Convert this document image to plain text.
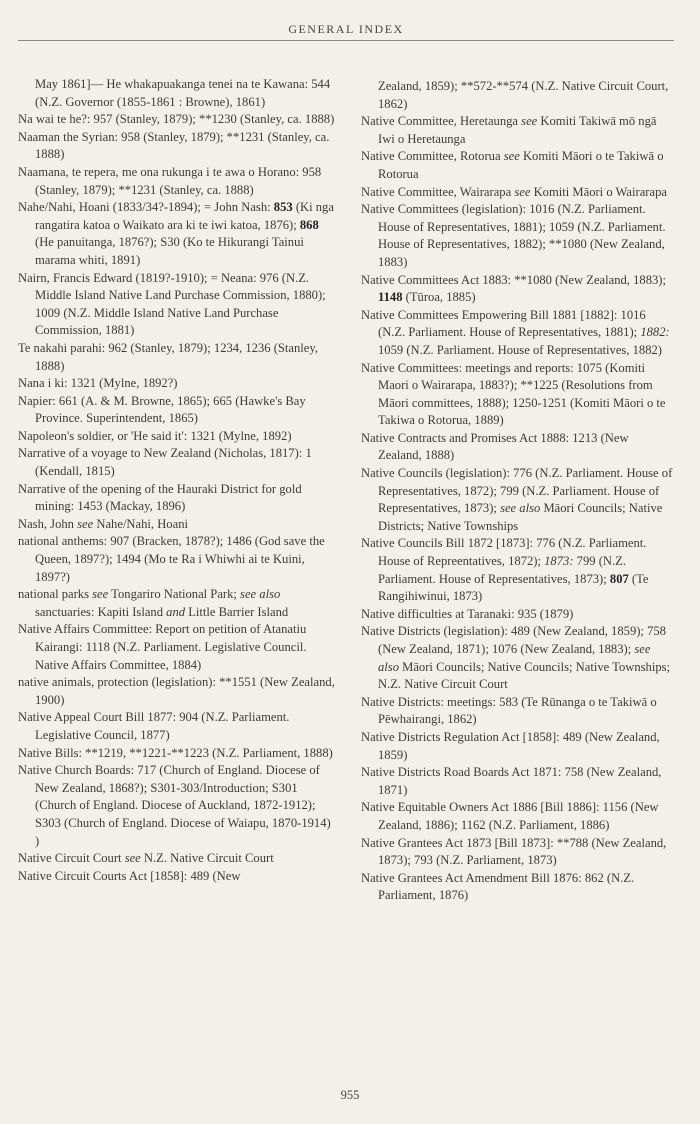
GENERAL INDEX

May 1861]— He whakapuakanga tenei na te Kawana: 544 (N.Z. Governor (1855-1861 : Browne), 1861)

Na wai te he?: 957 (Stanley, 1879); **1230 (Stanley, ca. 1888)

Naaman the Syrian: 958 (Stanley, 1879); **1231 (Stanley, ca. 1888)

Naamana, te repera, me ona rukunga i te awa o Horano: 958 (Stanley, 1879); **1231 (Stanley, ca. 1888)

Nahe/Nahi, Hoani (1833/34?-1894); = John Nash: 853 (Ki nga rangatira katoa o Waikato ara ki te iwi katoa, 1876); 868 (He panuitanga, 1876?); S30 (Ko te Hikurangi Tainui marama whiti, 1891)

Nairn, Francis Edward (1819?-1910); = Neana: 976 (N.Z. Middle Island Native Land Purchase Commission, 1880); 1009 (N.Z. Middle Island Native Land Purchase Commission, 1881)

Te nakahi parahi: 962 (Stanley, 1879); 1234, 1236 (Stanley, 1888)

Nana i ki: 1321 (Mylne, 1892?)

Napier: 661 (A. & M. Browne, 1865); 665 (Hawke's Bay Province. Superintendent, 1865)

Napoleon's soldier, or 'He said it': 1321 (Mylne, 1892)

Narrative of a voyage to New Zealand (Nicholas, 1817): 1 (Kendall, 1815)

Narrative of the opening of the Hauraki District for gold mining: 1453 (Mackay, 1896)

Nash, John see Nahe/Nahi, Hoani

national anthems: 907 (Bracken, 1878?); 1486 (God save the Queen, 1897?); 1494 (Mo te Ra i Whiwhi ai te Kuini, 1897?)

national parks see Tongariro National Park; see also sanctuaries: Kapiti Island and Little Barrier Island

Native Affairs Committee: Report on petition of Atanatiu Kairangi: 1118 (N.Z. Parliament. Legislative Council. Native Affairs Committee, 1884)

native animals, protection (legislation): **1551 (New Zealand, 1900)

Native Appeal Court Bill 1877: 904 (N.Z. Parliament. Legislative Council, 1877)

Native Bills: **1219, **1221-**1223 (N.Z. Parliament, 1888)

Native Church Boards: 717 (Church of England. Diocese of New Zealand, 1868?); S301-303/Introduction; S301 (Church of England. Diocese of Auckland, 1872-1912); S303 (Church of England. Diocese of Waiapu, 1870-1914) )

Native Circuit Court see N.Z. Native Circuit Court

Native Circuit Courts Act [1858]: 489 (New

Zealand, 1859); **572-**574 (N.Z. Native Circuit Court, 1862)

Native Committee, Heretaunga see Komiti Takiwā mō ngā Iwi o Heretaunga

Native Committee, Rotorua see Komiti Māori o te Takiwā o Rotorua

Native Committee, Wairarapa see Komiti Māori o Wairarapa

Native Committees (legislation): 1016 (N.Z. Parliament. House of Representatives, 1881); 1059 (N.Z. Parliament. House of Representatives, 1882); **1080 (New Zealand, 1883)

Native Committees Act 1883: **1080 (New Zealand, 1883); 1148 (Tūroa, 1885)

Native Committees Empowering Bill 1881 [1882]: 1016 (N.Z. Parliament. House of Representatives, 1881); 1882: 1059 (N.Z. Parliament. House of Representatives, 1882)

Native Committees: meetings and reports: 1075 (Komiti Maori o Wairarapa, 1883?); **1225 (Resolutions from Māori committees, 1888); 1250-1251 (Komiti Māori o te Takiwa o Rotorua, 1889)

Native Contracts and Promises Act 1888: 1213 (New Zealand, 1888)

Native Councils (legislation): 776 (N.Z. Parliament. House of Representatives, 1872); 799 (N.Z. Parliament. House of Representatives, 1873); see also Māori Councils; Native Districts; Native Townships

Native Councils Bill 1872 [1873]: 776 (N.Z. Parliament. House of Repreentatives, 1872); 1873: 799 (N.Z. Parliament. House of Representatives, 1873); 807 (Te Rangihiwinui, 1873)

Native difficulties at Taranaki: 935 (1879)

Native Districts (legislation): 489 (New Zealand, 1859); 758 (New Zealand, 1871); 1076 (New Zealand, 1883); see also Māori Councils; Native Councils; Native Townships; N.Z. Native Circuit Court

Native Districts: meetings: 583 (Te Rūnanga o te Takiwā o Pēwhairangi, 1862)

Native Districts Regulation Act [1858]: 489 (New Zealand, 1859)

Native Districts Road Boards Act 1871: 758 (New Zealand, 1871)

Native Equitable Owners Act 1886 [Bill 1886]: 1156 (New Zealand, 1886); 1162 (N.Z. Parliament, 1886)

Native Grantees Act 1873 [Bill 1873]: **788 (New Zealand, 1873); 793 (N.Z. Parliament, 1873)

Native Grantees Act Amendment Bill 1876: 862 (N.Z. Parliament, 1876)

955
